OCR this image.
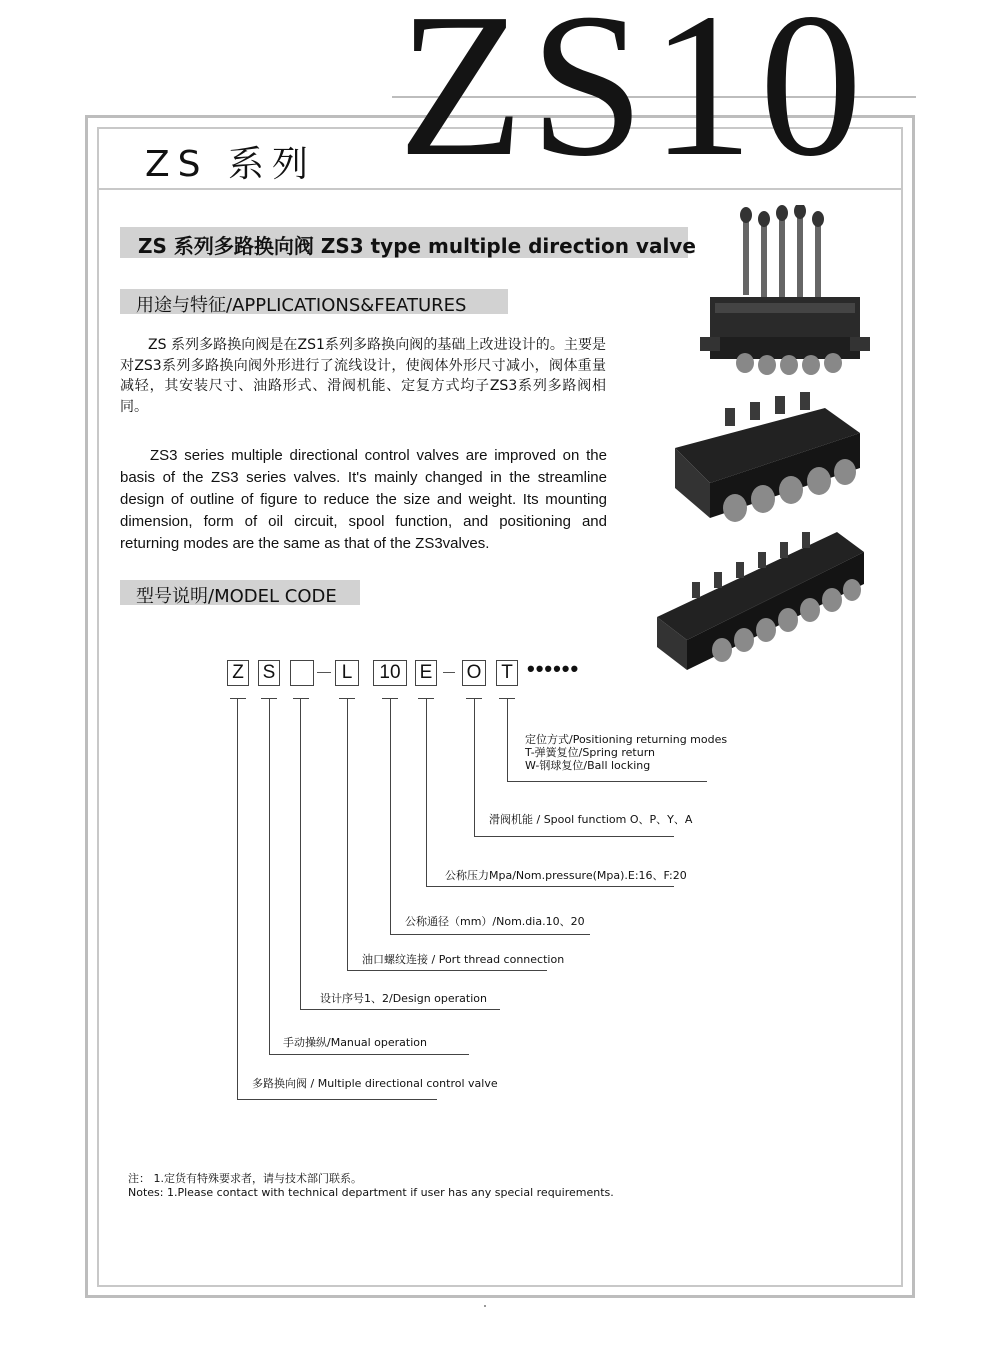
ZS10
ZS 系列
ZS 系列多路换向阀 ZS3 type multiple direction valve
用途与特征/APPLICATIONS&FEATURES

ZS 系列多路换向阀是在ZS1系列多路换向阀的基础上改进设计的。主要是对ZS3系列多路换向阀外形进行了流线设计，使阀体外形尺寸减小，阀体重量减轻，其安装尺寸、油路形式、滑阀机能、定复方式均子ZS3系列多路阀相同。

ZS3 series multiple directional control valves are improved on the basis of the ZS3 series valves. It's mainly changed in the streamline design of outline of figure to reduce the size and weight. Its mounting dimension, form of oil circuit, spool function, and positioning and returning modes are the same as that of the ZS3valves.

型号说明/MODEL CODE
Z S	L	10	E O T ••••••
定位方式/Positioning returning modes
T-弹簧复位/Spring return
W-钢球复位/Ball locking
滑阀机能 / Spool functiom O、P、Y、A
公称压力Mpa/Nom.pressure(Mpa).E:16、F:20
公称通径（mm）/Nom.dia.10、20
油口螺纹连接 / Port thread connection
设计序号1、2/Design operation
手动操纵/Manual operation
多路换向阀 / Multiple directional control valve
注： 1.定货有特殊要求者，请与技术部门联系。
Notes: 1.Please contact with technical department if user has any special requirements.
